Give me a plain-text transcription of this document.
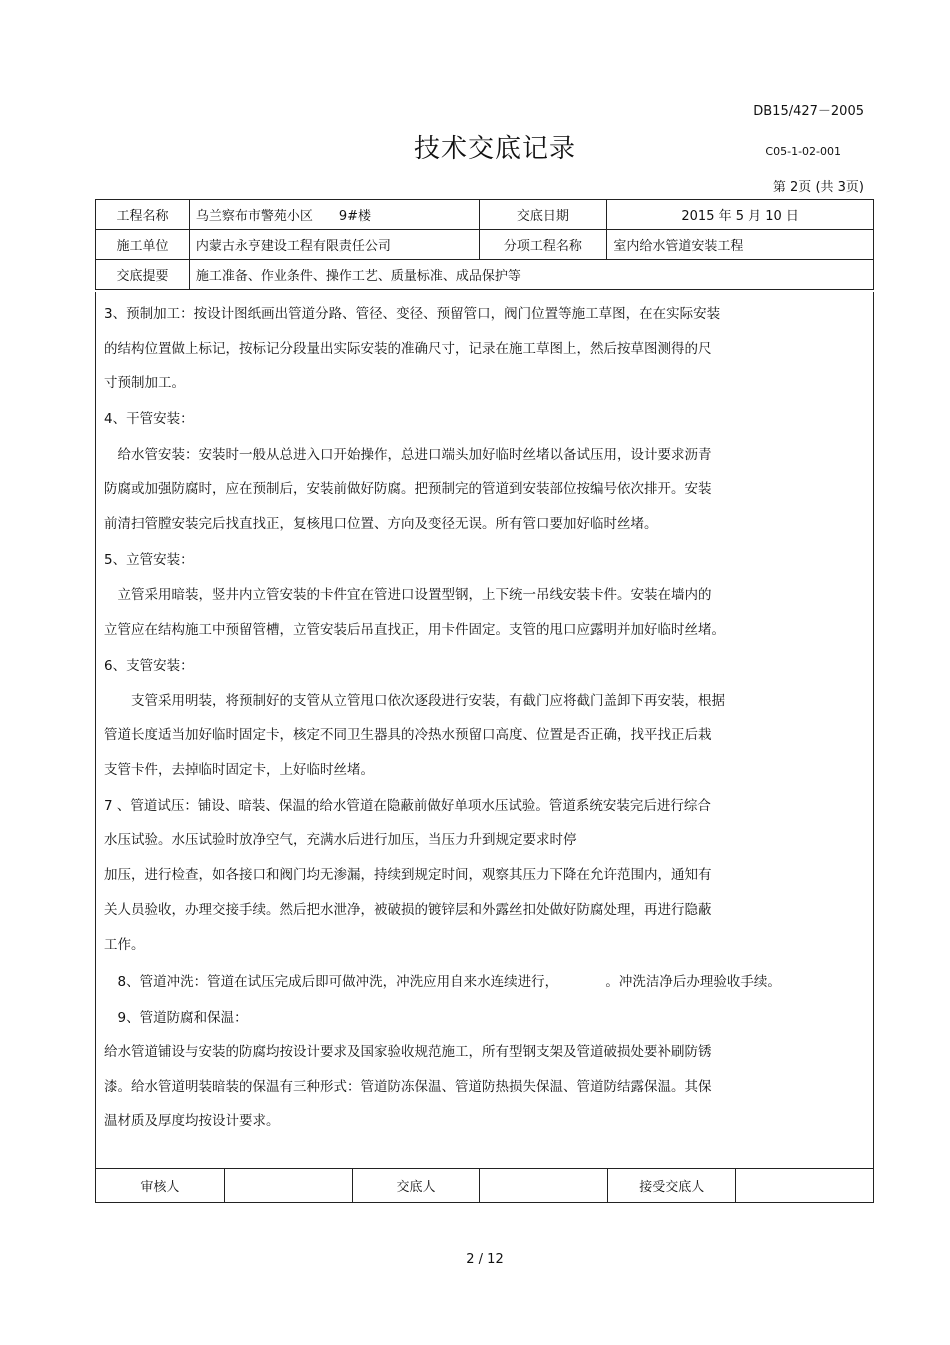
DB15/427－2005
技术交底记录	C05-1-02-001
第 2页 (共 3页)
工程名称	乌兰察布市警苑小区　　9#楼	交底日期	2015 年 5 月 10 日
施工单位	内蒙古永亨建设工程有限责任公司	分项工程名称	室内给水管道安装工程
交底提要	施工准备、作业条件、操作工艺、质量标准、成品保护等		
3、预制加工：按设计图纸画出管道分路、管径、变径、预留管口，阀门位置等施工草图，在在实际安装
的结构位置做上标记，按标记分段量出实际安装的准确尺寸，记录在施工草图上，然后按草图测得的尺
寸预制加工。
4、干管安装：
　给水管安装：安装时一般从总进入口开始操作，总进口端头加好临时丝堵以备试压用，设计要求沥青
防腐或加强防腐时，应在预制后，安装前做好防腐。把预制完的管道到安装部位按编号依次排开。安装
前清扫管膛安装完后找直找正，复核甩口位置、方向及变径无误。所有管口要加好临时丝堵。
5、立管安装：
　立管采用暗装，竖井内立管安装的卡件宜在管进口设置型钢，上下统一吊线安装卡件。安装在墙内的
立管应在结构施工中预留管槽，立管安装后吊直找正，用卡件固定。支管的甩口应露明并加好临时丝堵。
6、支管安装：
　　支管采用明装，将预制好的支管从立管甩口依次逐段进行安装，有截门应将截门盖卸下再安装，根据
管道长度适当加好临时固定卡，核定不同卫生器具的冷热水预留口高度、位置是否正确，找平找正后栽
支管卡件，去掉临时固定卡，上好临时丝堵。
7 、管道试压：铺设、暗装、保温的给水管道在隐蔽前做好单项水压试验。管道系统安装完后进行综合
水压试验。水压试验时放净空气，充满水后进行加压，当压力升到规定要求时停
加压，进行检查，如各接口和阀门均无渗漏，持续到规定时间，观察其压力下降在允许范围内，通知有
关人员验收，办理交接手续。然后把水泄净，被破损的镀锌层和外露丝扣处做好防腐处理，再进行隐蔽
工作。
　8、管道冲洗：管道在试压完成后即可做冲洗，冲洗应用自来水连续进行，　　　　。冲洗洁净后办理验收手续。
　9、管道防腐和保温：
给水管道铺设与安装的防腐均按设计要求及国家验收规范施工，所有型钢支架及管道破损处要补刷防锈
漆。给水管道明装暗装的保温有三种形式：管道防冻保温、管道防热损失保温、管道防结露保温。其保
温材质及厚度均按设计要求。
审核人		交底人		接受交底人	
2 / 12
